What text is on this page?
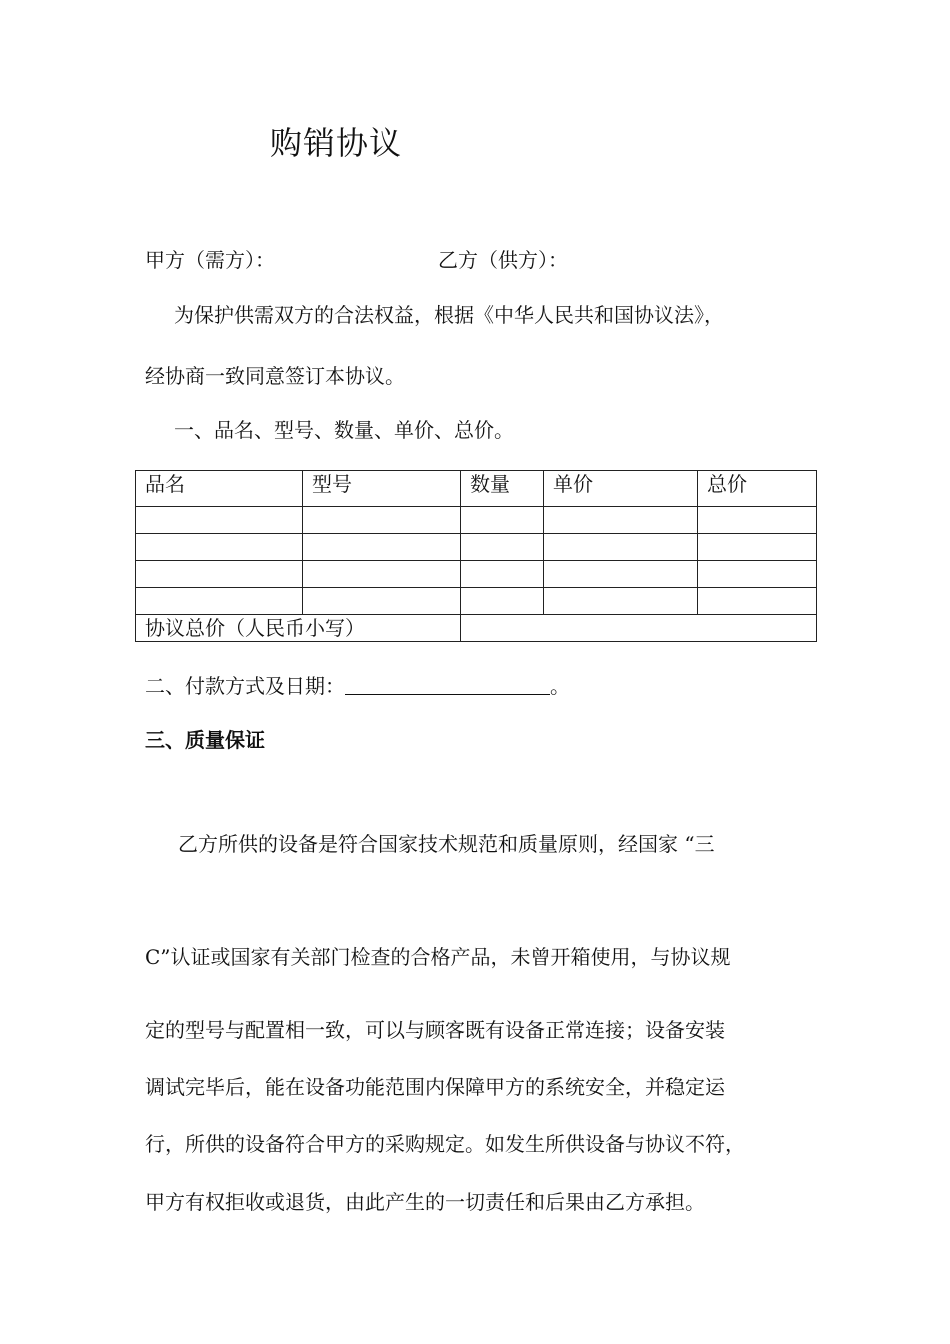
购销协议
甲方（需方）：	乙方（供方）：
为保护供需双方的合法权益，根据《中华人民共和国协议法》，
经协商一致同意签订本协议。
一、品名、型号、数量、单价、总价。
品名	型号	数量	单价	总价

协议总价（人民币小写）				
二、付款方式及日期：	。
三、质量保证
乙方所供的设备是符合国家技术规范和质量原则，经国家 “三
C”认证或国家有关部门检查的合格产品，未曾开箱使用，与协议规
定的型号与配置相一致，可以与顾客既有设备正常连接；设备安装
调试完毕后，能在设备功能范围内保障甲方的系统安全，并稳定运
行，所供的设备符合甲方的采购规定。如发生所供设备与协议不符，
甲方有权拒收或退货，由此产生的一切责任和后果由乙方承担。
